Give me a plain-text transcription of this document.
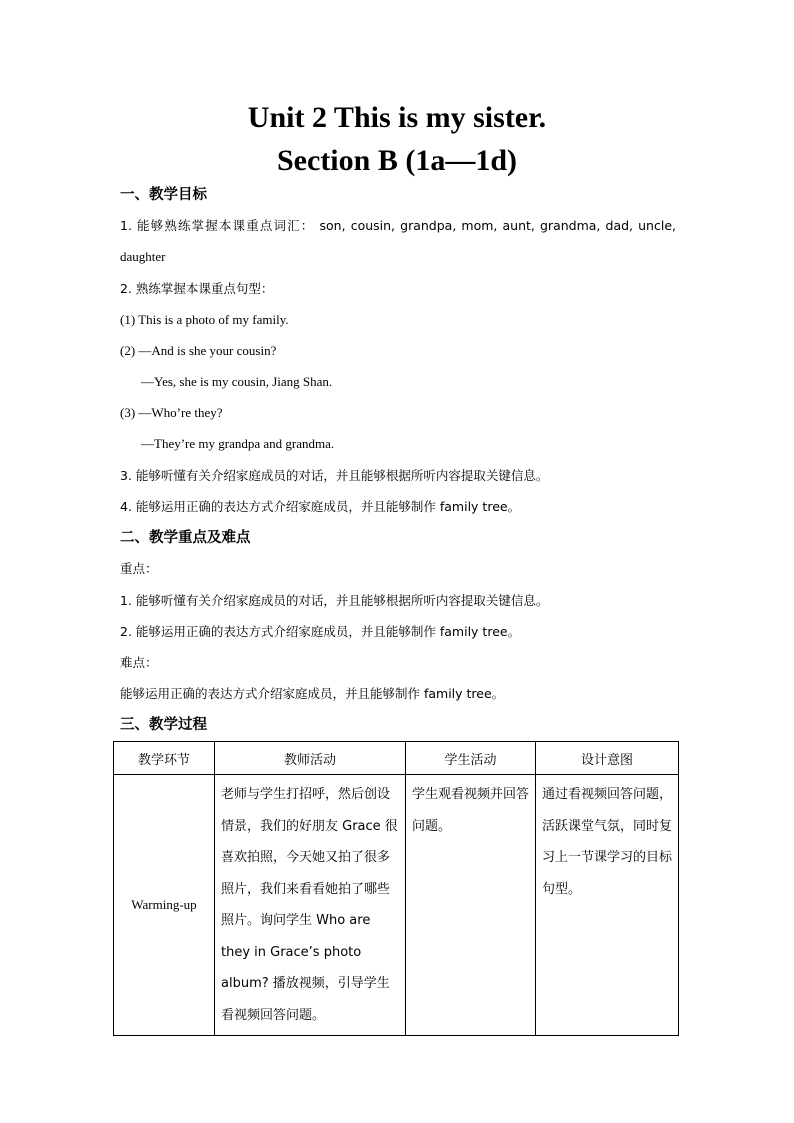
Unit 2 This is my sister.
Section B (1a—1d)
一、教学目标
1. 能够熟练掌握本课重点词汇： son, cousin, grandpa, mom, aunt, grandma, dad, uncle,
daughter
2. 熟练掌握本课重点句型：
(1) This is a photo of my family.
(2) —And is she your cousin?
—Yes, she is my cousin, Jiang Shan.
(3) —Who’re they?
—They’re my grandpa and grandma.
3. 能够听懂有关介绍家庭成员的对话，并且能够根据所听内容提取关键信息。
4. 能够运用正确的表达方式介绍家庭成员，并且能够制作 family tree。
二、教学重点及难点
重点：
1. 能够听懂有关介绍家庭成员的对话，并且能够根据所听内容提取关键信息。
2. 能够运用正确的表达方式介绍家庭成员，并且能够制作 family tree。
难点：
能够运用正确的表达方式介绍家庭成员，并且能够制作 family tree。
三、教学过程
教学环节	教师活动	学生活动	设计意图
Warming-up	老师与学生打招呼，然后创设情景，我们的好朋友 Grace 很喜欢拍照，今天她又拍了很多照片，我们来看看她拍了哪些照片。询问学生 Who are they in Grace’s photo album? 播放视频，引导学生看视频回答问题。	学生观看视频并回答问题。	通过看视频回答问题，活跃课堂气氛，同时复习上一节课学习的目标句型。
